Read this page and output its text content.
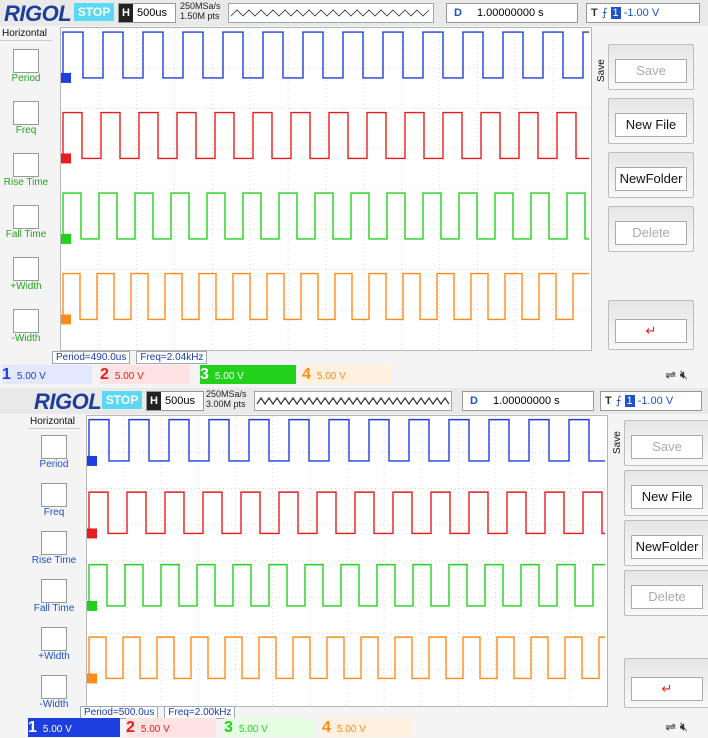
RIGOL STOP	H 500us
250MSa/s
1.50M pts	D 1.00000000 s	T ⨍ 1 -1.00 V
Horizontal
Period
Freq
Rise Time
Fall Time
+Width
-Width
Save	Save
New File
NewFolder
Delete
↵
Period=490.0us Freq=2.04kHz
1 5.00 V	2 5.00 V	3 5.00 V	4 5.00 V	⇌ 🔇︎
RIGOL STOP	H 500us
250MSa/s
3.00M pts	D 1.00000000 s	T ⨍ 1 -1.00 V
Horizontal
Period
Freq
Rise Time
Fall Time
+Width
-Width
Save	Save
New File
NewFolder
Delete
↵
Period=500.0us Freq=2.00kHz
1 5.00 V	2 5.00 V	3 5.00 V	4 5.00 V	⇌ 🔇︎
